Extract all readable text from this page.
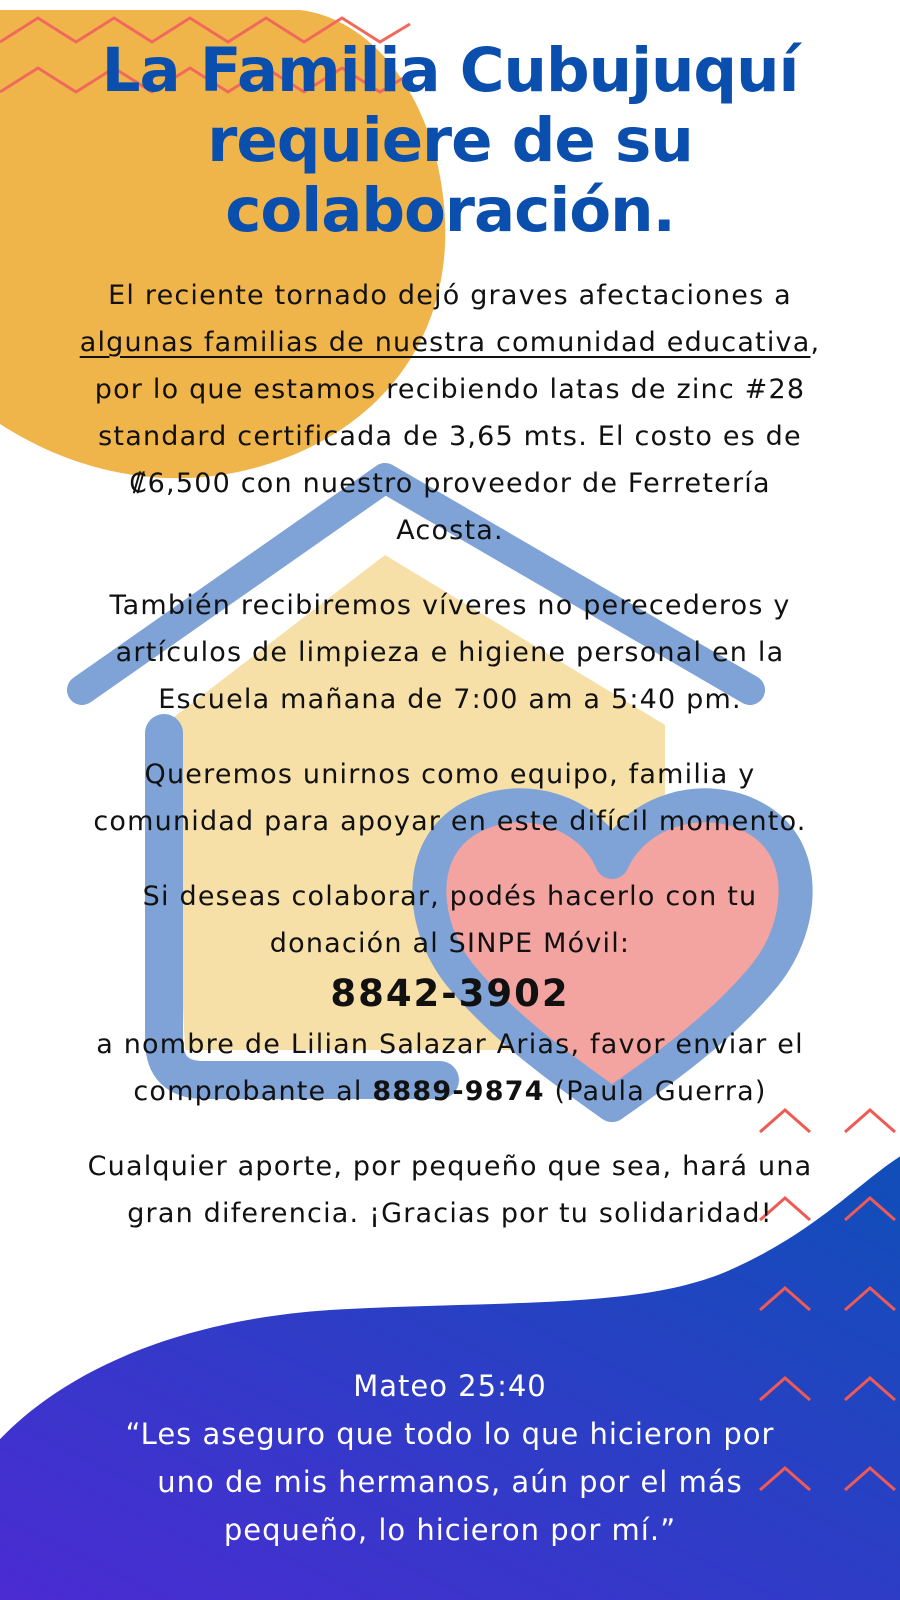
La Familia Cubujuquí
requiere de su
colaboración.

El reciente tornado dejó graves afectaciones a
algunas familias de nuestra comunidad educativa,
por lo que estamos recibiendo latas de zinc #28
standard certificada de 3,65 mts. El costo es de
₡6,500 con nuestro proveedor de Ferretería
Acosta.

También recibiremos víveres no perecederos y
artículos de limpieza e higiene personal en la
Escuela mañana de 7:00 am a 5:40 pm.

Queremos unirnos como equipo, familia y
comunidad para apoyar en este difícil momento.

Si deseas colaborar, podés hacerlo con tu
donación al SINPE Móvil:
8842-3902
a nombre de Lilian Salazar Arias, favor enviar el
comprobante al 8889-9874 (Paula Guerra)

Cualquier aporte, por pequeño que sea, hará una
gran diferencia. ¡Gracias por tu solidaridad!

Mateo 25:40

“Les aseguro que todo lo que hicieron por

uno de mis hermanos, aún por el más

pequeño, lo hicieron por mí.”
